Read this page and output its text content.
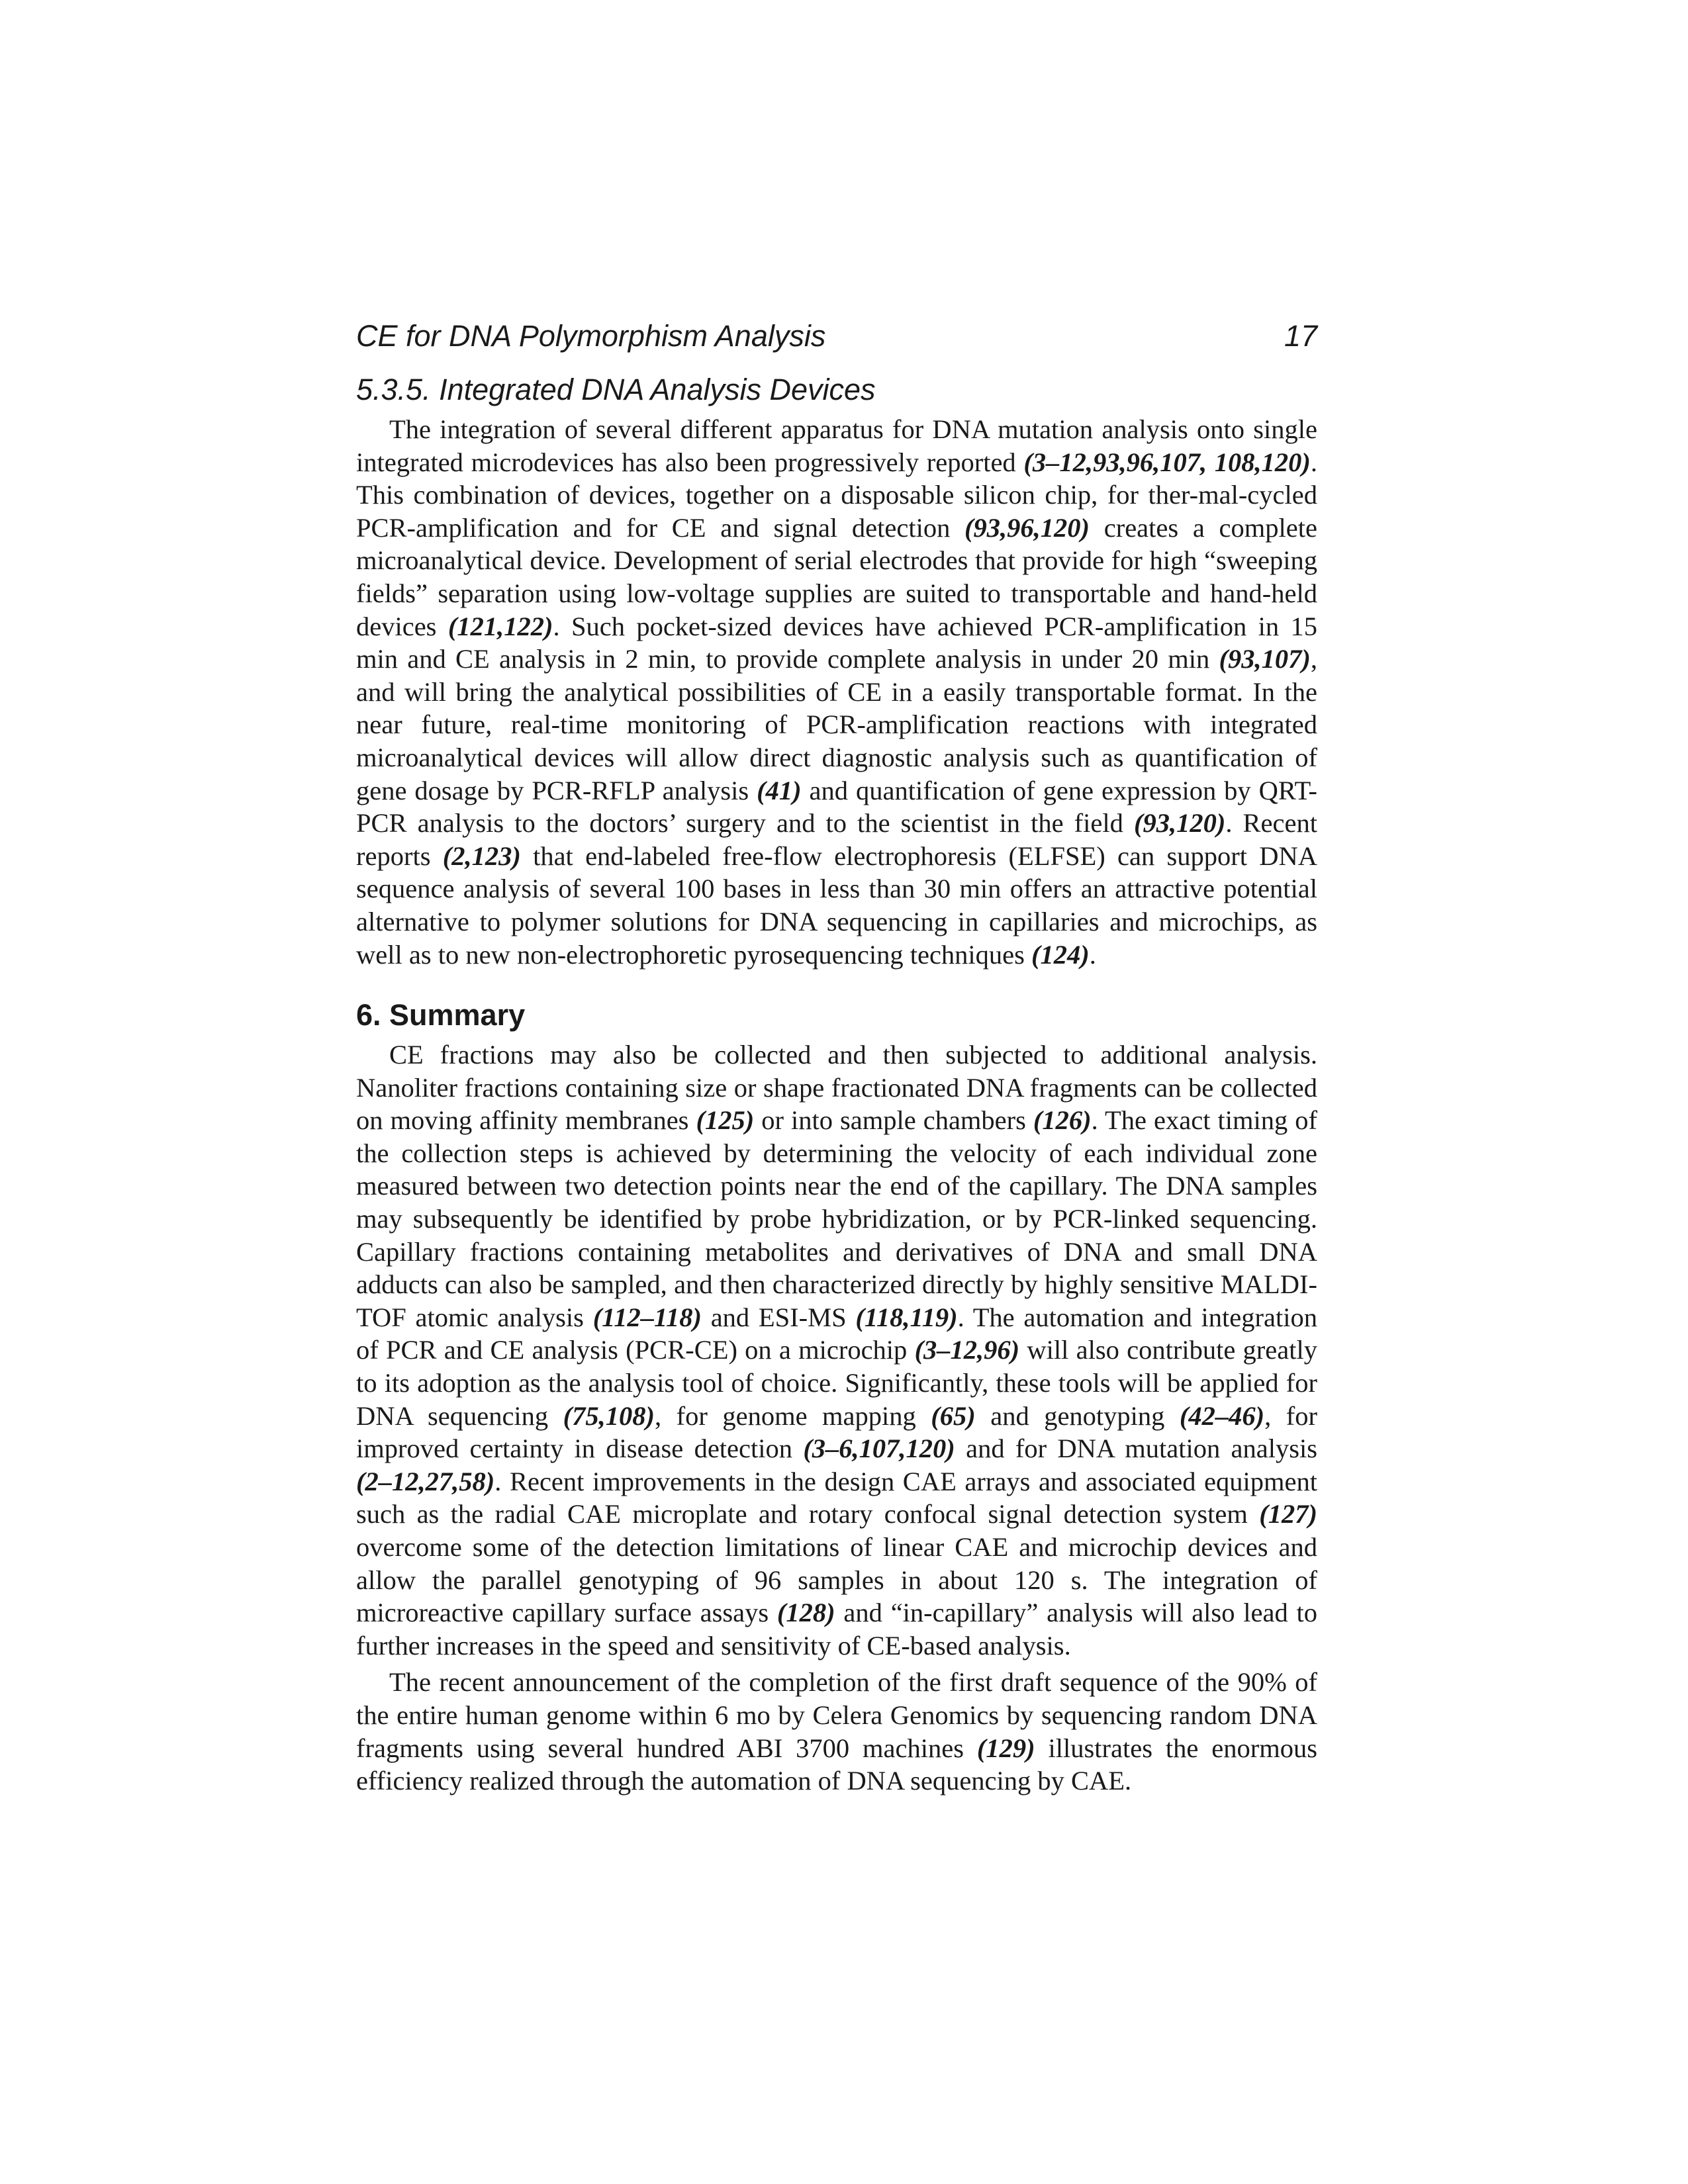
CE for DNA Polymorphism Analysis	17
5.3.5. Integrated DNA Analysis Devices

The integration of several different apparatus for DNA mutation analysis onto single integrated microdevices has also been progressively reported (3–12,93,96,107, 108,120). This combination of devices, together on a disposable silicon chip, for ther-mal-cycled PCR-amplification and for CE and signal detection (93,96,120) creates a complete microanalytical device. Development of serial electrodes that provide for high “sweeping fields” separation using low-voltage supplies are suited to transportable and hand-held devices (121,122). Such pocket-sized devices have achieved PCR-amplification in 15 min and CE analysis in 2 min, to provide complete analysis in under 20 min (93,107), and will bring the analytical possibilities of CE in a easily transportable format. In the near future, real-time monitoring of PCR-amplification reactions with integrated microanalytical devices will allow direct diagnostic analysis such as quantification of gene dosage by PCR-RFLP analysis (41) and quantification of gene expression by QRT-PCR analysis to the doctors’ surgery and to the scientist in the field (93,120). Recent reports (2,123) that end-labeled free-flow electrophoresis (ELFSE) can support DNA sequence analysis of several 100 bases in less than 30 min offers an attractive potential alternative to polymer solutions for DNA sequencing in capillaries and microchips, as well as to new non-electrophoretic pyrosequencing techniques (124).

6. Summary

CE fractions may also be collected and then subjected to additional analysis. Nanoliter fractions containing size or shape fractionated DNA fragments can be collected on moving affinity membranes (125) or into sample chambers (126). The exact timing of the collection steps is achieved by determining the velocity of each individual zone measured between two detection points near the end of the capillary. The DNA samples may subsequently be identified by probe hybridization, or by PCR-linked sequencing. Capillary fractions containing metabolites and derivatives of DNA and small DNA adducts can also be sampled, and then characterized directly by highly sensitive MALDI-TOF atomic analysis (112–118) and ESI-MS (118,119). The automation and integration of PCR and CE analysis (PCR-CE) on a microchip (3–12,96) will also contribute greatly to its adoption as the analysis tool of choice. Significantly, these tools will be applied for DNA sequencing (75,108), for genome mapping (65) and genotyping (42–46), for improved certainty in disease detection (3–6,107,120) and for DNA mutation analysis (2–12,27,58). Recent improvements in the design CAE arrays and associated equipment such as the radial CAE microplate and rotary confocal signal detection system (127) overcome some of the detection limitations of linear CAE and microchip devices and allow the parallel genotyping of 96 samples in about 120 s. The integration of microreactive capillary surface assays (128) and “in-capillary” analysis will also lead to further increases in the speed and sensitivity of CE-based analysis.

The recent announcement of the completion of the first draft sequence of the 90% of the entire human genome within 6 mo by Celera Genomics by sequencing random DNA fragments using several hundred ABI 3700 machines (129) illustrates the enormous efficiency realized through the automation of DNA sequencing by CAE.
